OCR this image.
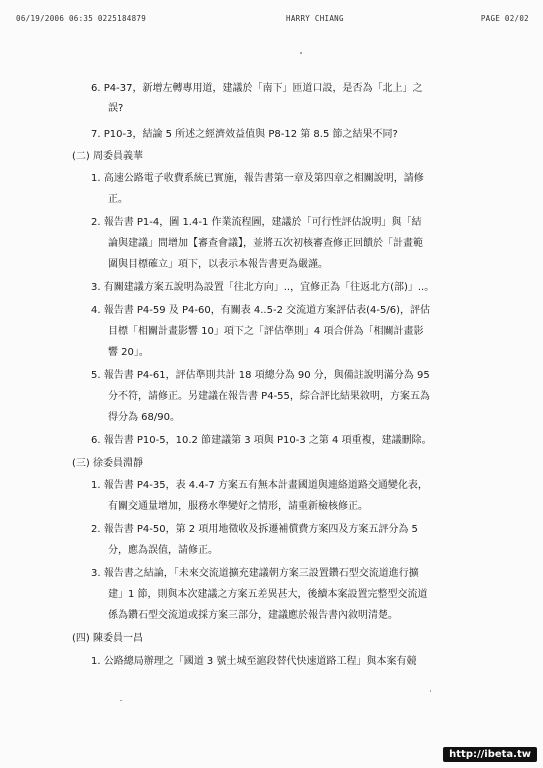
06/19/2006 06:35 0225184879	HARRY CHIANG	PAGE 02/02
6. P4-37，新增左轉專用道，建議於「南下」匝道口設，是否為「北上」之
誤?
7. P10-3，結論 5 所述之經濟效益值與 P8-12 第 8.5 節之結果不同?
(二) 周委員義華
1. 高速公路電子收費系統已實施，報告書第一章及第四章之相關說明，請修
正。
2. 報告書 P1-4，圖 1.4-1 作業流程圖，建議於「可行性評估說明」與「結
論與建議」間增加【審查會議】，並將五次初核審查修正回饋於「計畫範
圍與目標確立」項下，以表示本報告書更為嚴謹。
3. 有關建議方案五說明為設置「往北方向」..，宜修正為「往返北方(部)」..。
4. 報告書 P4-59 及 P4-60，有關表 4..5-2 交流道方案評估表(4-5/6)，評估
目標「相關計畫影響 10」項下之「評估準則」4 項合併為「相關計畫影
響 20」。
5. 報告書 P4-61，評估準則共計 18 項總分為 90 分，與備註說明滿分為 95
分不符，請修正。另建議在報告書 P4-55，綜合評比結果敘明，方案五為
得分為 68/90。
6. 報告書 P10-5，10.2 節建議第 3 項與 P10-3 之第 4 項重複，建議刪除。
(三) 徐委員淵靜
1. 報告書 P4-35，表 4.4-7 方案五有無本計畫國道與連絡道路交通變化表，
有關交通量增加，服務水準變好之情形，請重新檢核修正。
2. 報告書 P4-50，第 2 項用地徵收及拆遷補償費方案四及方案五評分為 5
分，應為誤值，請修正。
3. 報告書之結論，「未來交流道擴充建議朝方案三設置鑽石型交流道進行擴
建」1 節，則與本次建議之方案五差異甚大，後續本案設置完整型交流道
係為鑽石型交流道或採方案三部分，建議應於報告書內敘明清楚。
(四) 陳委員一昌
1. 公路總局辦理之「國道 3 號土城至滬段替代快速道路工程」與本案有競
http://ibeta.tw
